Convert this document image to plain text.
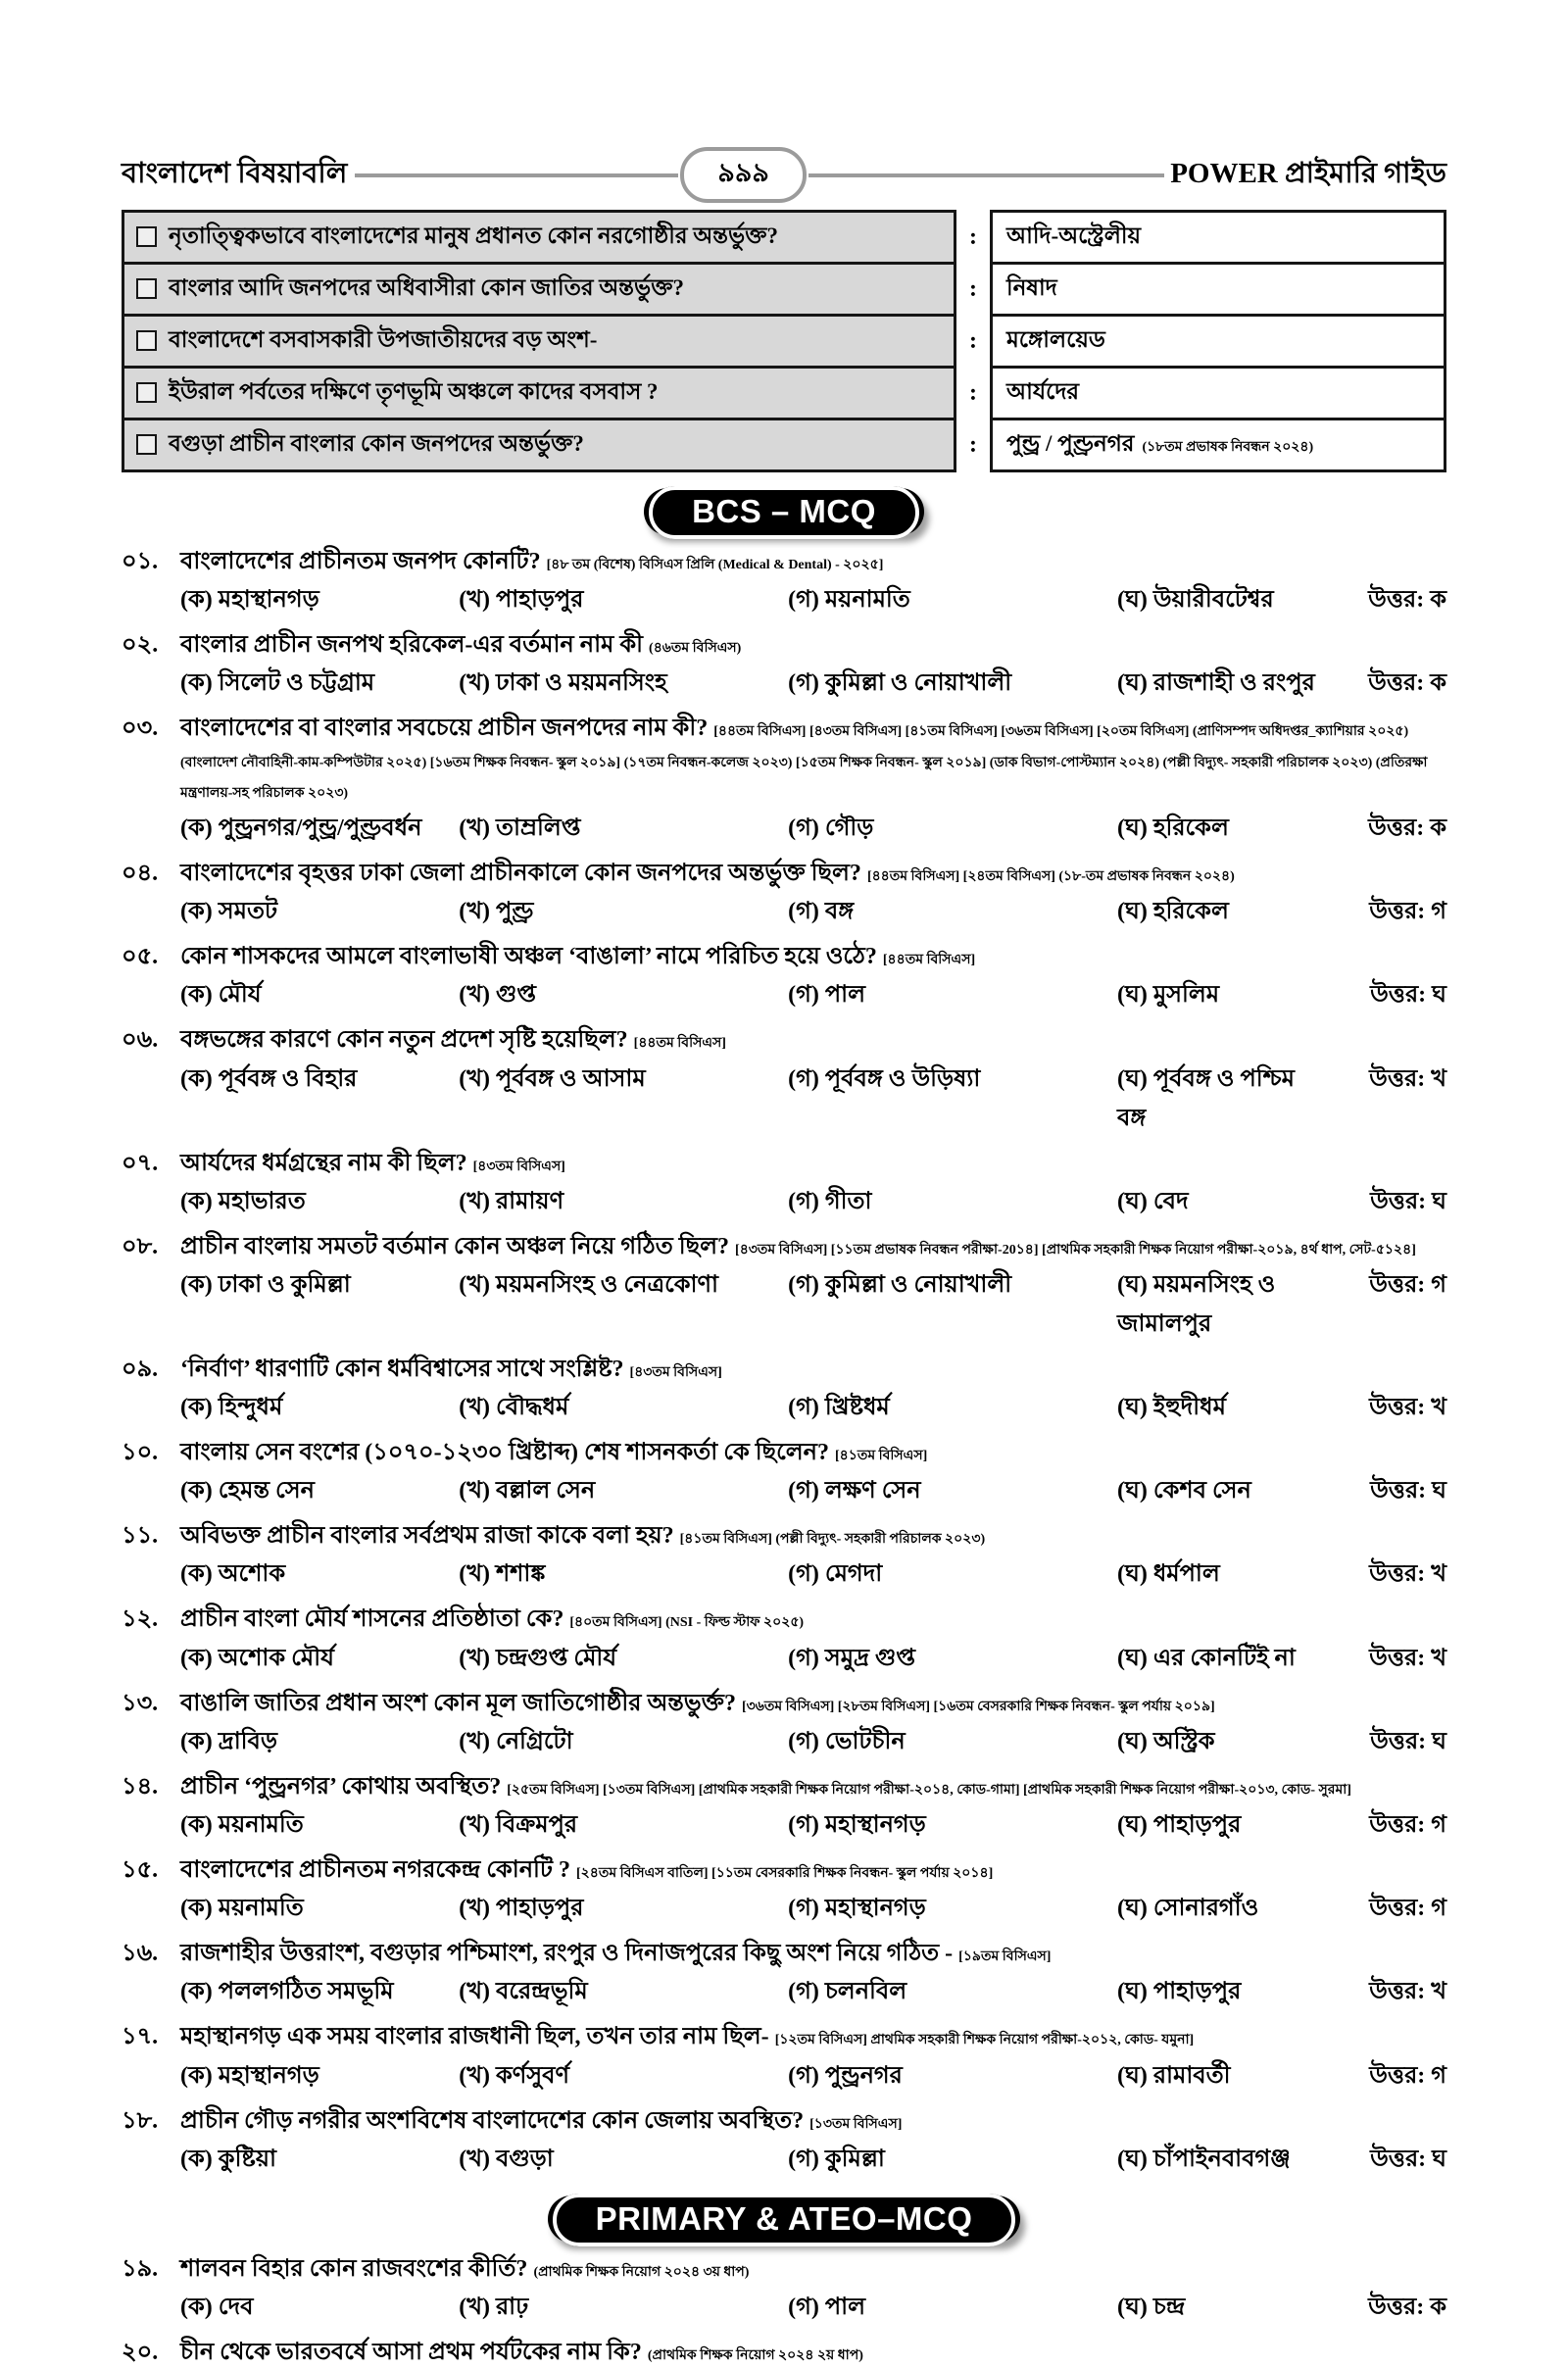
বাংলাদেশ বিষয়াবলি	৯৯৯	POWER প্রাইমারি গাইড
নৃতাত্ত্বিকভাবে বাংলাদেশের মানুষ প্রধানত কোন নরগোষ্ঠীর অন্তর্ভুক্ত?	:	আদি-অস্ট্রেলীয়
বাংলার আদি জনপদের অধিবাসীরা কোন জাতির অন্তর্ভুক্ত?	:	নিষাদ
বাংলাদেশে বসবাসকারী উপজাতীয়দের বড় অংশ-	:	মঙ্গোলয়েড
ইউরাল পর্বতের দক্ষিণে তৃণভূমি অঞ্চলে কাদের বসবাস ?	:	আর্যদের
বগুড়া প্রাচীন বাংলার কোন জনপদের অন্তর্ভুক্ত?	:	পুন্ড্র / পুণ্ড্রনগর (১৮তম প্রভাষক নিবন্ধন ২০২৪)
BCS – MCQ
০১. বাংলাদেশের প্রাচীনতম জনপদ কোনটি? [৪৮ তম (বিশেষ) বিসিএস প্রিলি (Medical & Dental) - ২০২৫]
(ক) মহাস্থানগড়	(খ) পাহাড়পুর	(গ) ময়নামতি	(ঘ) উয়ারীবটেশ্বর	উত্তর: ক
০২. বাংলার প্রাচীন জনপথ হরিকেল-এর বর্তমান নাম কী (৪৬তম বিসিএস)
(ক) সিলেট ও চট্টগ্রাম	(খ) ঢাকা ও ময়মনসিংহ	(গ) কুমিল্লা ও নোয়াখালী	(ঘ) রাজশাহী ও রংপুর	উত্তর: ক
০৩. বাংলাদেশের বা বাংলার সবচেয়ে প্রাচীন জনপদের নাম কী? [৪৪তম বিসিএস] [৪৩তম বিসিএস] [৪১তম বিসিএস] [৩৬তম বিসিএস] [২০তম বিসিএস] (প্রাণিসম্পদ অধিদপ্তর_ক্যাশিয়ার ২০২৫) (বাংলাদেশ নৌবাহিনী-কাম-কম্পিউটার ২০২৫) [১৬তম শিক্ষক নিবন্ধন- স্কুল ২০১৯] (১৭তম নিবন্ধন-কলেজ ২০২৩) [১৫তম শিক্ষক নিবন্ধন- স্কুল ২০১৯] (ডাক বিভাগ-পোস্টম্যান ২০২৪) (পল্লী বিদ্যুৎ- সহকারী পরিচালক ২০২৩) (প্রতিরক্ষা মন্ত্রণালয়-সহ পরিচালক ২০২৩)
(ক) পুন্ড্রনগর/পুন্ড্র/পুণ্ড্রবর্ধন	(খ) তাম্রলিপ্ত	(গ) গৌড়	(ঘ) হরিকেল	উত্তর: ক
০৪. বাংলাদেশের বৃহত্তর ঢাকা জেলা প্রাচীনকালে কোন জনপদের অন্তর্ভুক্ত ছিল? [৪৪তম বিসিএস] [২৪তম বিসিএস] (১৮-তম প্রভাষক নিবন্ধন ২০২৪)
(ক) সমতট	(খ) পুণ্ড্র	(গ) বঙ্গ	(ঘ) হরিকেল	উত্তর: গ
০৫. কোন শাসকদের আমলে বাংলাভাষী অঞ্চল ‘বাঙালা’ নামে পরিচিত হয়ে ওঠে? [৪৪তম বিসিএস]
(ক) মৌর্য	(খ) গুপ্ত	(গ) পাল	(ঘ) মুসলিম	উত্তর: ঘ
০৬. বঙ্গভঙ্গের কারণে কোন নতুন প্রদেশ সৃষ্টি হয়েছিল? [৪৪তম বিসিএস]
(ক) পূর্ববঙ্গ ও বিহার	(খ) পূর্ববঙ্গ ও আসাম	(গ) পূর্ববঙ্গ ও উড়িষ্যা	(ঘ) পূর্ববঙ্গ ও পশ্চিম বঙ্গ
উত্তর: খ
০৭. আর্যদের ধর্মগ্রন্থের নাম কী ছিল? [৪৩তম বিসিএস]
(ক) মহাভারত	(খ) রামায়ণ	(গ) গীতা	(ঘ) বেদ	উত্তর: ঘ
০৮. প্রাচীন বাংলায় সমতট বর্তমান কোন অঞ্চল নিয়ে গঠিত ছিল? [৪৩তম বিসিএস] [১১তম প্রভাষক নিবন্ধন পরীক্ষা-20১৪] [প্রাথমিক সহকারী শিক্ষক নিয়োগ পরীক্ষা-২০১৯, ৪র্থ ধাপ, সেট-৫১২৪]
(ক) ঢাকা ও কুমিল্লা	(খ) ময়মনসিংহ ও নেত্রকোণা	(গ) কুমিল্লা ও নোয়াখালী	(ঘ) ময়মনসিংহ ও জামালপুর
উত্তর: গ
০৯. ‘নির্বাণ’ ধারণাটি কোন ধর্মবিশ্বাসের সাথে সংশ্লিষ্ট? [৪৩তম বিসিএস]
(ক) হিন্দুধর্ম	(খ) বৌদ্ধধর্ম	(গ) খ্রিষ্টধর্ম	(ঘ) ইহুদীধর্ম	উত্তর: খ
১০. বাংলায় সেন বংশের (১০৭০-১২৩০ খ্রিষ্টাব্দ) শেষ শাসনকর্তা কে ছিলেন? [৪১তম বিসিএস]
(ক) হেমন্ত সেন	(খ) বল্লাল সেন	(গ) লক্ষণ সেন	(ঘ) কেশব সেন	উত্তর: ঘ
১১. অবিভক্ত প্রাচীন বাংলার সর্বপ্রথম রাজা কাকে বলা হয়? [৪১তম বিসিএস] (পল্লী বিদ্যুৎ- সহকারী পরিচালক ২০২৩)
(ক) অশোক	(খ) শশাঙ্ক	(গ) মেগদা	(ঘ) ধর্মপাল	উত্তর: খ
১২. প্রাচীন বাংলা মৌর্য শাসনের প্রতিষ্ঠাতা কে? [৪০তম বিসিএস] (NSI - ফিল্ড স্টাফ ২০২৫)
(ক) অশোক মৌর্য	(খ) চন্দ্রগুপ্ত মৌর্য	(গ) সমুদ্র গুপ্ত	(ঘ) এর কোনটিই না	উত্তর: খ
১৩. বাঙালি জাতির প্রধান অংশ কোন মূল জাতিগোষ্ঠীর অন্তভুর্ক্ত? [৩৬তম বিসিএস] [২৮তম বিসিএস] [১৬তম বেসরকারি শিক্ষক নিবন্ধন- স্কুল পর্যায় ২০১৯]
(ক) দ্রাবিড়	(খ) নেগ্রিটো	(গ) ভোটচীন	(ঘ) অস্ট্রিক	উত্তর: ঘ
১৪. প্রাচীন ‘পুন্ড্রনগর’ কোথায় অবস্থিত? [২৫তম বিসিএস] [১৩তম বিসিএস] [প্রাথমিক সহকারী শিক্ষক নিয়োগ পরীক্ষা-২০১৪, কোড-গামা] [প্রাথমিক সহকারী শিক্ষক নিয়োগ পরীক্ষা-২০১৩, কোড- সুরমা]
(ক) ময়নামতি	(খ) বিক্রমপুর	(গ) মহাস্থানগড়	(ঘ) পাহাড়পুর	উত্তর: গ
১৫. বাংলাদেশের প্রাচীনতম নগরকেন্দ্র কোনটি ? [২৪তম বিসিএস বাতিল] [১১তম বেসরকারি শিক্ষক নিবন্ধন- স্কুল পর্যায় ২০১৪]
(ক) ময়নামতি	(খ) পাহাড়পুর	(গ) মহাস্থানগড়	(ঘ) সোনারগাঁও	উত্তর: গ
১৬. রাজশাহীর উত্তরাংশ, বগুড়ার পশ্চিমাংশ, রংপুর ও দিনাজপুরের কিছু অংশ নিয়ে গঠিত - [১৯তম বিসিএস]
(ক) পললগঠিত সমভূমি	(খ) বরেন্দ্রভূমি	(গ) চলনবিল	(ঘ) পাহাড়পুর	উত্তর: খ
১৭. মহাস্থানগড় এক সময় বাংলার রাজধানী ছিল, তখন তার নাম ছিল- [১২তম বিসিএস] প্রাথমিক সহকারী শিক্ষক নিয়োগ পরীক্ষা-২০১২, কোড- যমুনা]
(ক) মহাস্থানগড়	(খ) কর্ণসুবর্ণ	(গ) পুন্ড্রনগর	(ঘ) রামাবর্তী	উত্তর: গ
১৮. প্রাচীন গৌড় নগরীর অংশবিশেষ বাংলাদেশের কোন জেলায় অবস্থিত? [১৩তম বিসিএস]
(ক) কুষ্টিয়া	(খ) বগুড়া	(গ) কুমিল্লা	(ঘ) চাঁপাইনবাবগঞ্জ	উত্তর: ঘ
PRIMARY & ATEO–MCQ
১৯. শালবন বিহার কোন রাজবংশের কীর্তি? (প্রাথমিক শিক্ষক নিয়োগ ২০২৪ ৩য় ধাপ)
(ক) দেব	(খ) রাঢ়	(গ) পাল	(ঘ) চন্দ্র	উত্তর: ক
২০. চীন থেকে ভারতবর্ষে আসা প্রথম পর্যটকের নাম কি? (প্রাথমিক শিক্ষক নিয়োগ ২০২৪ ২য় ধাপ)
